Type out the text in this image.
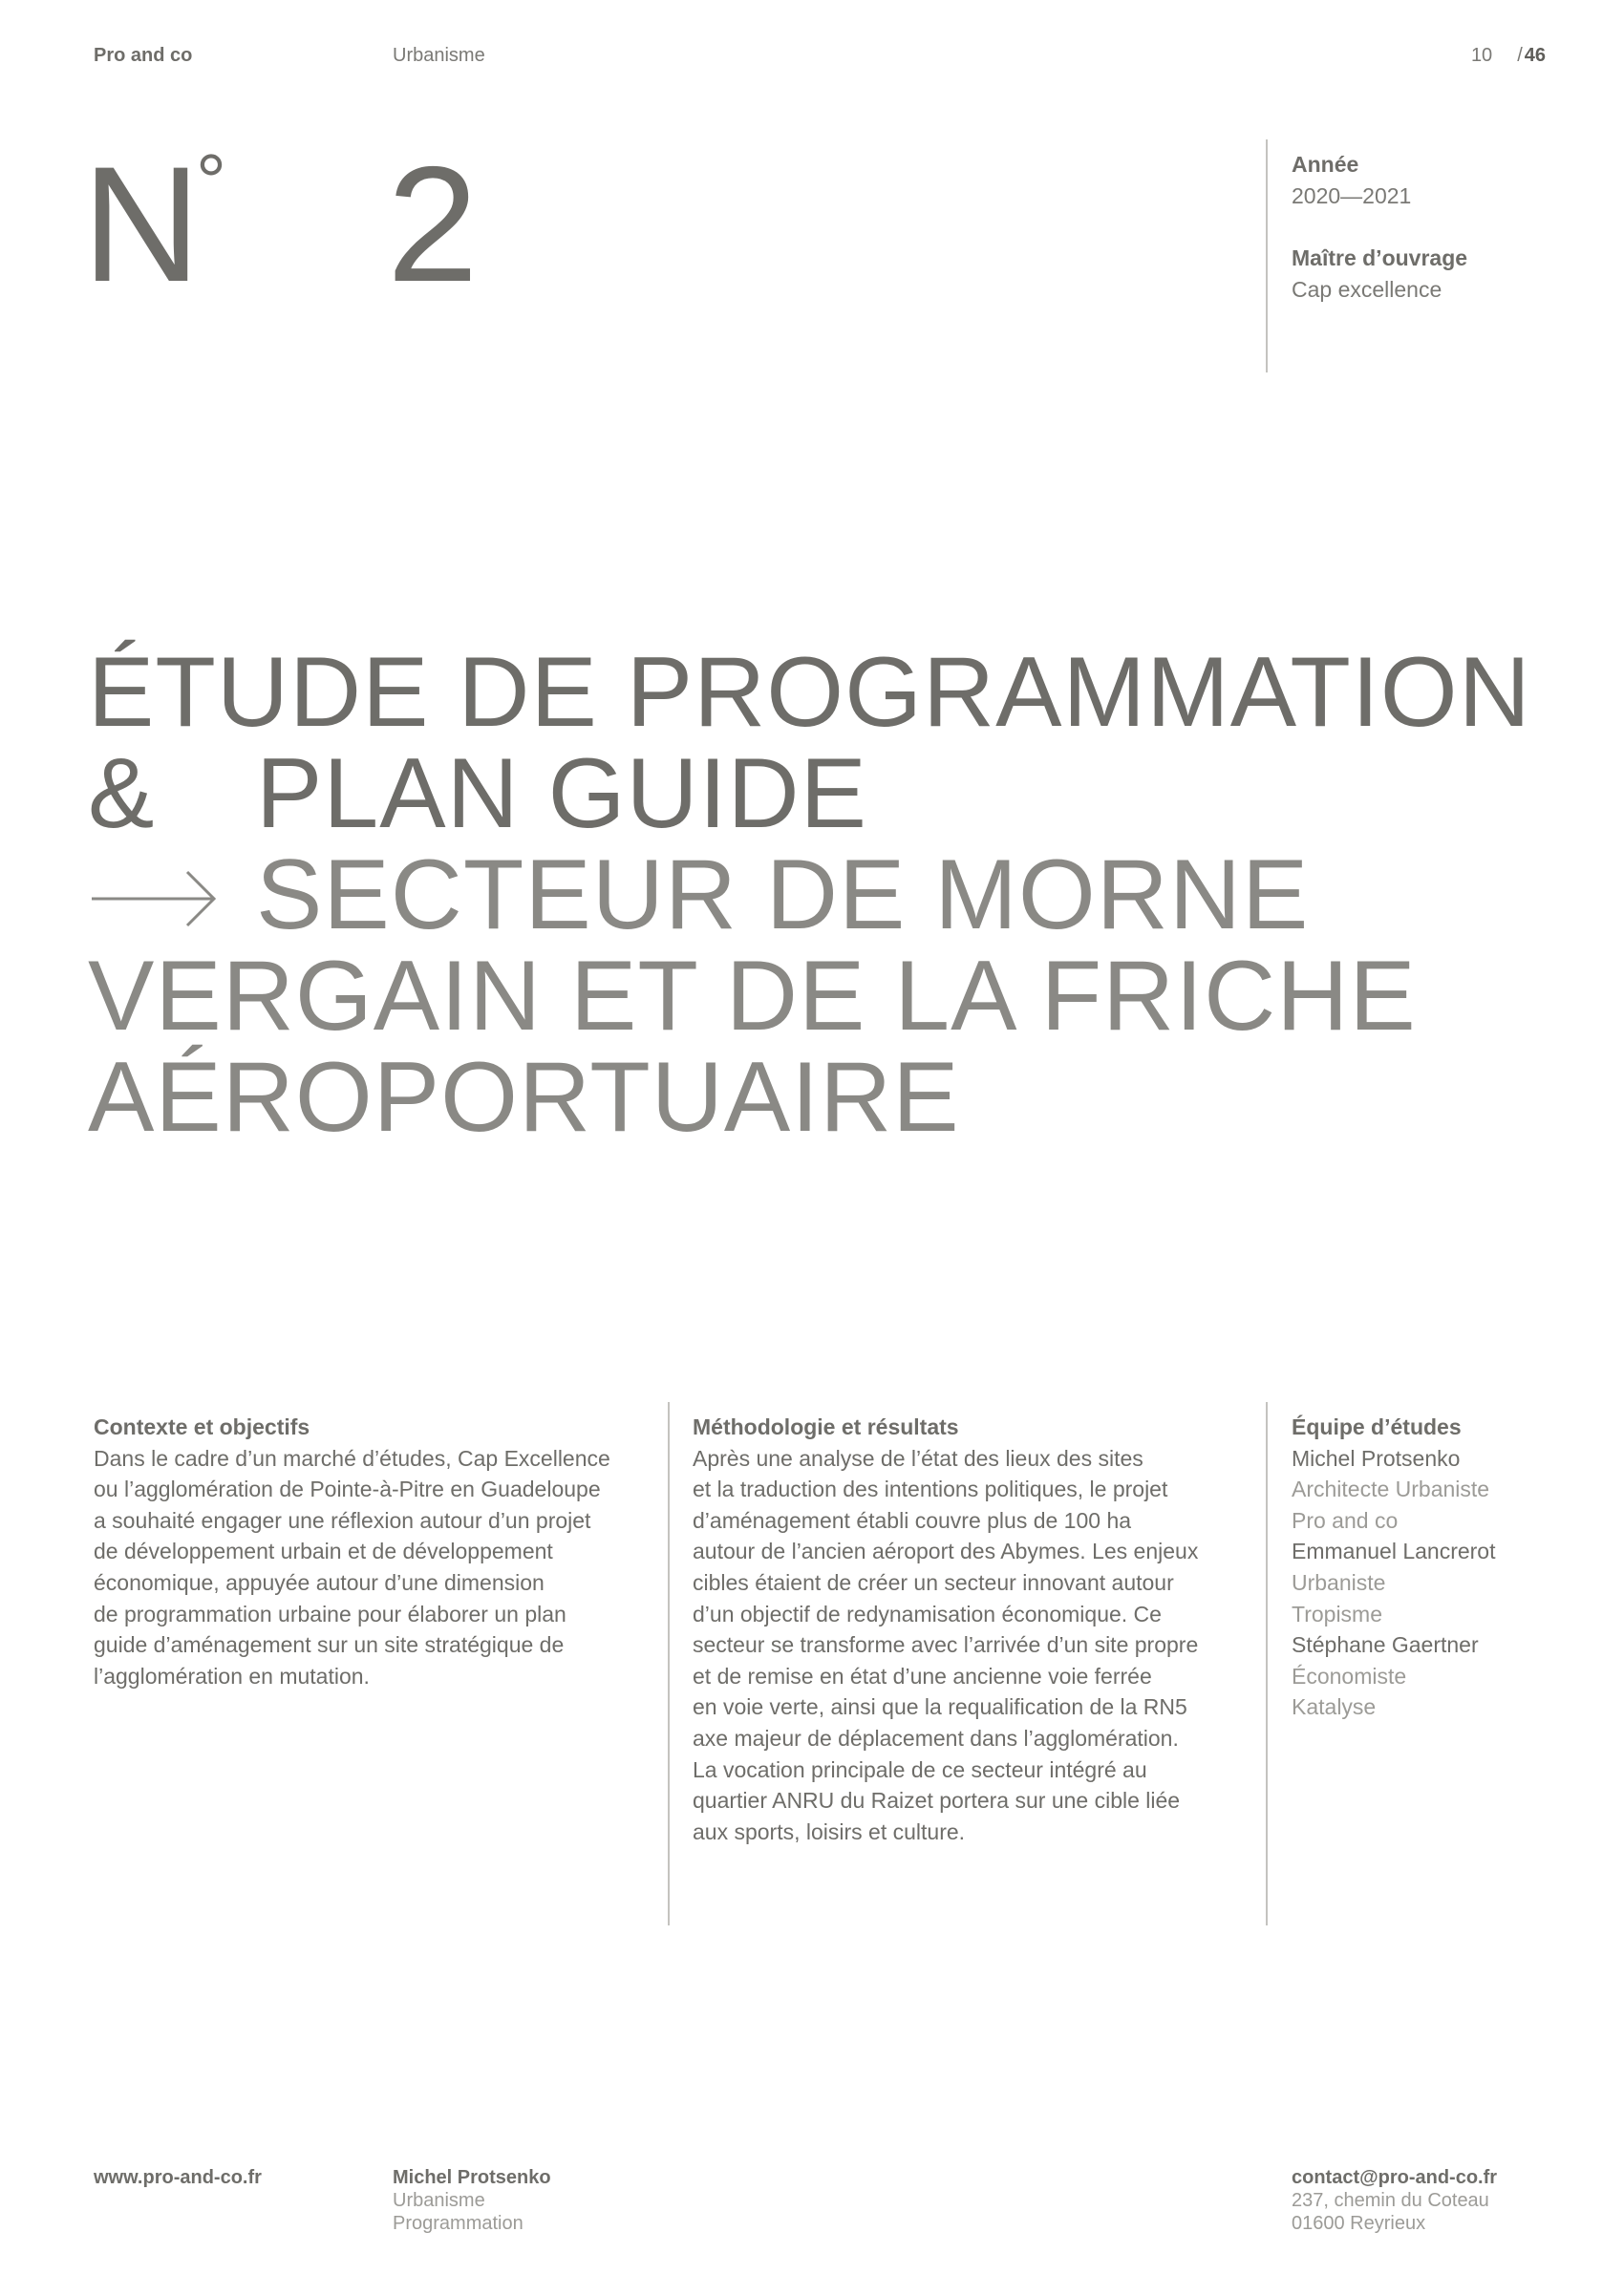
Pro and co	Urbanisme	10 / 46
N
° 2	Année
2020—2021
Maître d’ouvrage
Cap excellence
ÉTUDE DE PROGRAMMATION
& PLAN GUIDE
SECTEUR DE MORNE
VERGAIN ET DE LA FRICHE
AÉROPORTUAIRE
Contexte et objectifs
Dans le cadre d’un marché d’études, Cap Excellence
ou l’agglomération de Pointe-à-Pitre en Guadeloupe
a souhaité engager une réflexion autour d’un projet
de développement urbain et de développement
économique, appuyée autour d’une dimension
de programmation urbaine pour élaborer un plan
guide d’aménagement sur un site stratégique de
l’agglomération en mutation.
Méthodologie et résultats
Après une analyse de l’état des lieux des sites
et la traduction des intentions politiques, le projet
d’aménagement établi couvre plus de 100 ha
autour de l’ancien aéroport des Abymes. Les enjeux
cibles étaient de créer un secteur innovant autour
d’un objectif de redynamisation économique. Ce
secteur se transforme avec l’arrivée d’un site propre
et de remise en état d’une ancienne voie ferrée
en voie verte, ainsi que la requalification de la RN5
axe majeur de déplacement dans l’agglomération.
La vocation principale de ce secteur intégré au
quartier ANRU du Raizet portera sur une cible liée
aux sports, loisirs et culture.
Équipe d’études
Michel Protsenko
Architecte Urbaniste
Pro and co
Emmanuel Lancrerot
Urbaniste
Tropisme
Stéphane Gaertner
Économiste
Katalyse
www.pro-and-co.fr	Michel Protsenko
Urbanisme
Programmation
contact@pro-and-co.fr
237, chemin du Coteau
01600 Reyrieux
